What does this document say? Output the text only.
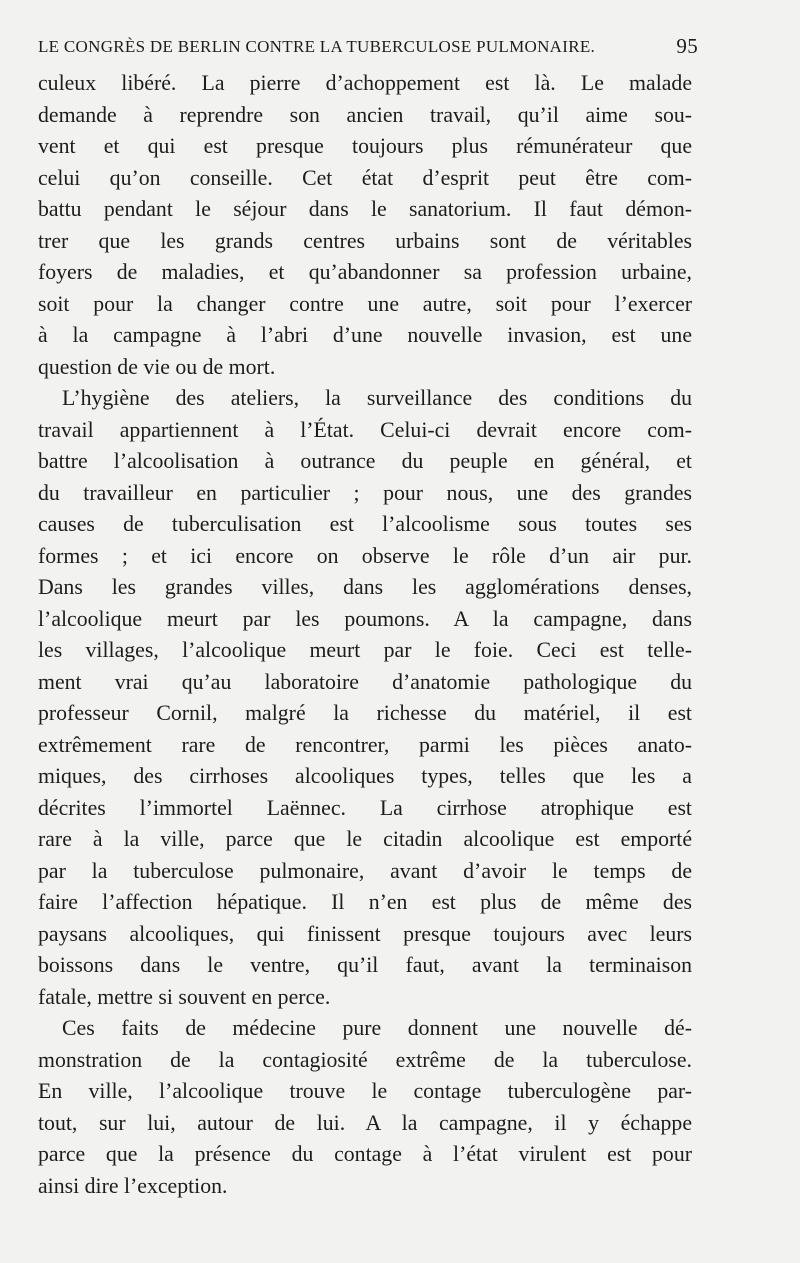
LE CONGRÈS DE BERLIN CONTRE LA TUBERCULOSE PULMONAIRE.	95
culeux libéré. La pierre d’achoppement est là. Le malade
demande à reprendre son ancien travail, qu’il aime sou-
vent et qui est presque toujours plus rémunérateur que
celui qu’on conseille. Cet état d’esprit peut être com-
battu pendant le séjour dans le sanatorium. Il faut démon-
trer que les grands centres urbains sont de véritables
foyers de maladies, et qu’abandonner sa profession urbaine,
soit pour la changer contre une autre, soit pour l’exercer
à la campagne à l’abri d’une nouvelle invasion, est une
question de vie ou de mort.
L’hygiène des ateliers, la surveillance des conditions du
travail appartiennent à l’État. Celui-ci devrait encore com-
battre l’alcoolisation à outrance du peuple en général, et
du travailleur en particulier ; pour nous, une des grandes
causes de tuberculisation est l’alcoolisme sous toutes ses
formes ; et ici encore on observe le rôle d’un air pur.
Dans les grandes villes, dans les agglomérations denses,
l’alcoolique meurt par les poumons. A la campagne, dans
les villages, l’alcoolique meurt par le foie. Ceci est telle-
ment vrai qu’au laboratoire d’anatomie pathologique du
professeur Cornil, malgré la richesse du matériel, il est
extrêmement rare de rencontrer, parmi les pièces anato-
miques, des cirrhoses alcooliques types, telles que les a
décrites l’immortel Laënnec. La cirrhose atrophique est
rare à la ville, parce que le citadin alcoolique est emporté
par la tuberculose pulmonaire, avant d’avoir le temps de
faire l’affection hépatique. Il n’en est plus de même des
paysans alcooliques, qui finissent presque toujours avec leurs
boissons dans le ventre, qu’il faut, avant la terminaison
fatale, mettre si souvent en perce.
Ces faits de médecine pure donnent une nouvelle dé-
monstration de la contagiosité extrême de la tuberculose.
En ville, l’alcoolique trouve le contage tuberculogène par-
tout, sur lui, autour de lui. A la campagne, il y échappe
parce que la présence du contage à l’état virulent est pour
ainsi dire l’exception.
